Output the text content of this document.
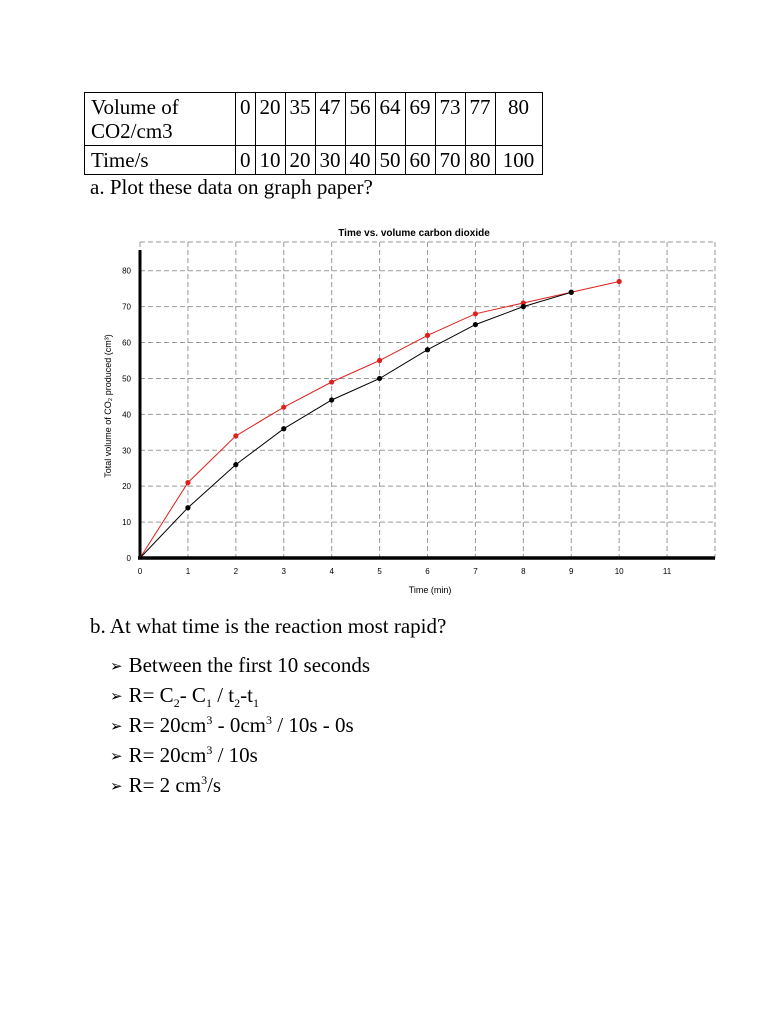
Volume of
CO2/cm3	0	20	35	47	56	64	69	73	77	80
Time/s	0	10	20	30	40	50	60	70	80	100
a. Plot these data on graph paper?
Time vs. volume carbon dioxide
0	1	2	3	4	5	6	7	8	9	10	11
0
10
20
30
40
50
60
70
80
Time (min)
Total volume of CO₂ produced (cm³)
b. At what time is the reaction most rapid?
➢ Between the first 10 seconds
➢ $R= C_2-$ $C_1 / t_2-t_1$
➢ $R= 20cm^3 - 0cm^3 / 10s - 0s$
➢ $R= 20cm^3 / 10s$
➢ R= 2 $cm^3/s$
